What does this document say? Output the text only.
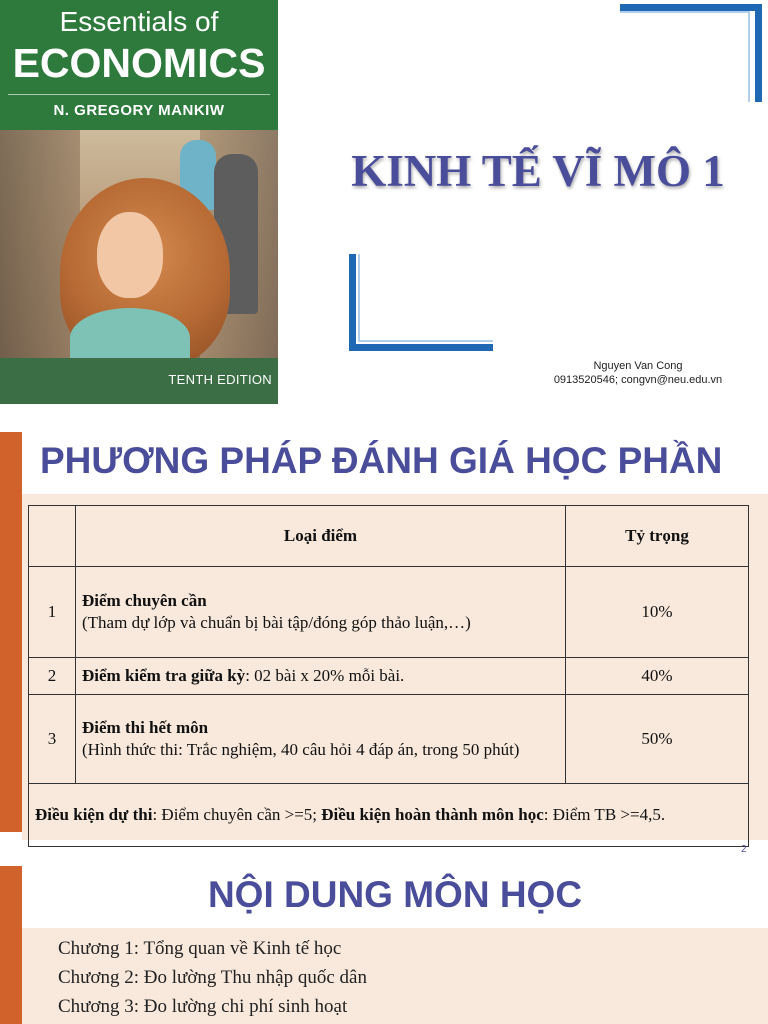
Essentials of
ECONOMICS
N. GREGORY MANKIW
TENTH EDITION
KINH TẾ VĨ MÔ 1
Nguyen Van Cong
0913520546; congvn@neu.edu.vn
PHƯƠNG PHÁP ĐÁNH GIÁ HỌC PHẦN
	Loại điểm	Tỷ trọng
1	Điểm chuyên cần
(Tham dự lớp và chuẩn bị bài tập/đóng góp thảo luận,…)	10%
2	Điểm kiểm tra giữa kỳ: 02 bài x 20% mỗi bài.	40%
3	Điểm thi hết môn
(Hình thức thi: Trắc nghiệm, 40 câu hỏi 4 đáp án, trong 50 phút)	50%
Điều kiện dự thi: Điểm chuyên cần >=5; Điều kiện hoàn thành môn học: Điểm TB >=4,5.		
2
NỘI DUNG MÔN HỌC
Chương 1: Tổng quan về Kinh tế học
Chương 2: Đo lường Thu nhập quốc dân
Chương 3: Đo lường chi phí sinh hoạt
